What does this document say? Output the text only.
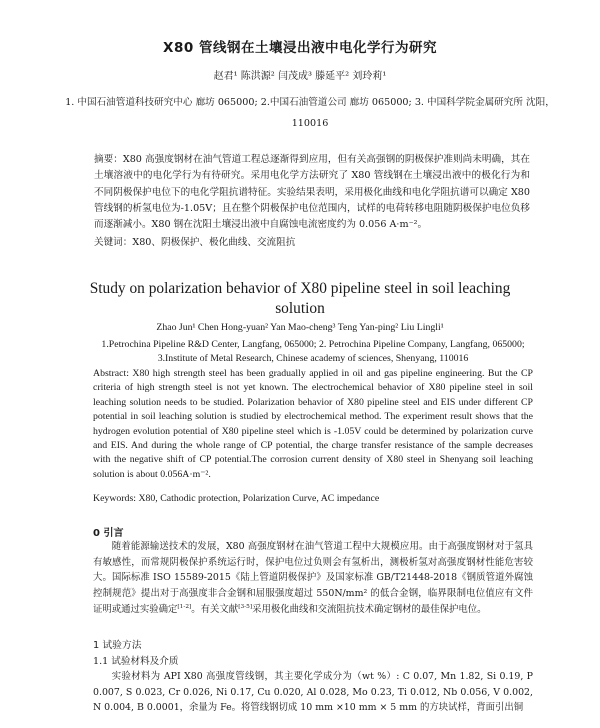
X80 管线钢在土壤浸出液中电化学行为研究
赵君¹ 陈洪源² 闫茂成³ 滕延平² 刘玲莉¹
1. 中国石油管道科技研究中心 廊坊 065000; 2.中国石油管道公司 廊坊 065000; 3. 中国科学院金属研究所 沈阳，110016
摘要：X80 高强度钢材在油气管道工程总逐渐得到应用，但有关高强钢的阴极保护准则尚未明确，其在土壤溶液中的电化学行为有待研究。采用电化学方法研究了 X80 管线钢在土壤浸出液中的极化行为和不同阴极保护电位下的电化学阻抗谱特征。实验结果表明，采用极化曲线和电化学阻抗谱可以确定 X80 管线钢的析氢电位为-1.05V；且在整个阴极保护电位范围内，试样的电荷转移电阻随阴极保护电位负移而逐渐减小。X80 钢在沈阳土壤浸出液中自腐蚀电流密度约为 0.056 A·m⁻²。
关键词：X80、阴极保护、极化曲线、交流阻抗
Study on polarization behavior of X80 pipeline steel in soil leaching solution
Zhao Jun¹ Chen Hong-yuan² Yan Mao-cheng³ Teng Yan-ping² Liu Lingli¹
1.Petrochina Pipeline R&D Center, Langfang, 065000; 2. Petrochina Pipeline Company, Langfang, 065000; 3.Institute of Metal Research, Chinese academy of sciences, Shenyang, 110016
Abstract: X80 high strength steel has been gradually applied in oil and gas pipeline engineering. But the CP criteria of high strength steel is not yet known. The electrochemical behavior of X80 pipeline steel in soil leaching solution needs to be studied. Polarization behavior of X80 pipeline steel and EIS under different CP potential in soil leaching solution is studied by electrochemical method. The experiment result shows that the hydrogen evolution potential of X80 pipeline steel which is -1.05V could be determined by polarization curve and EIS. And during the whole range of CP potential, the charge transfer resistance of the sample decreases with the negative shift of CP potential.The corrosion current density of X80 steel in Shenyang soil leaching solution is about 0.056A·m⁻².
Keywords: X80, Cathodic protection, Polarization Curve, AC impedance
0 引言
随着能源输送技术的发展，X80 高强度钢材在油气管道工程中大规模应用。由于高强度钢材对于氢具有敏感性，而常规阴极保护系统运行时，保护电位过负则会有氢析出，测极析氢对高强度钢材性能危害较大。国际标准 ISO 15589-2015《陆上管道阴极保护》及国家标准 GB/T21448-2018《钢质管道外腐蚀控制规范》提出对于高强度非合金钢和屈服强度超过 550N/mm² 的低合金钢，临界限制电位值应有文件证明或通过实验确定[1-2]。有关文献[3-5]采用极化曲线和交流阻抗技术确定钢材的最佳保护电位。
1 试验方法
1.1 试验材料及介质
实验材料为 API X80 高强度管线钢，其主要化学成分为（wt %）: C 0.07, Mn 1.82, Si 0.19, P 0.007, S 0.023, Cr 0.026, Ni 0.17, Cu 0.020, Al 0.028, Mo 0.23, Ti 0.012, Nb 0.056, V 0.002, N 0.004, B 0.0001，余量为 Fe。将管线钢切成 10 mm ×10 mm × 5 mm 的方块试样，背面引出铜
